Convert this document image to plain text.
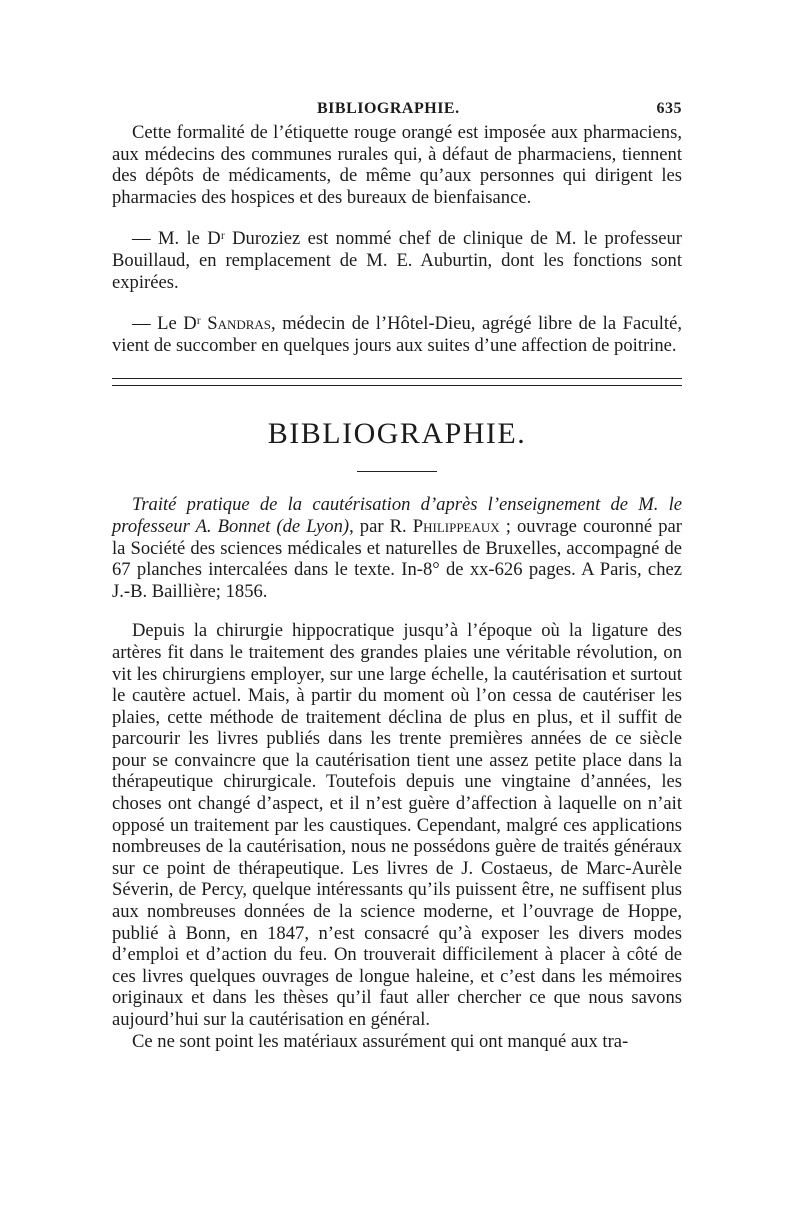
BIBLIOGRAPHIE.	635

Cette formalité de l’étiquette rouge orangé est imposée aux pharmaciens, aux médecins des communes rurales qui, à défaut de pharmaciens, tiennent des dépôts de médicaments, de même qu’aux personnes qui dirigent les pharmacies des hospices et des bureaux de bienfaisance.

— M. le Dʳ Duroziez est nommé chef de clinique de M. le professeur Bouillaud, en remplacement de M. E. Auburtin, dont les fonctions sont expirées.

— Le Dʳ Sandras, médecin de l’Hôtel-Dieu, agrégé libre de la Faculté, vient de succomber en quelques jours aux suites d’une affection de poitrine.

BIBLIOGRAPHIE.

Traité pratique de la cautérisation d’après l’enseignement de M. le professeur A. Bonnet (de Lyon), par R. Philippeaux ; ouvrage couronné par la Société des sciences médicales et naturelles de Bruxelles, accompagné de 67 planches intercalées dans le texte. In-8° de xx-626 pages. A Paris, chez J.-B. Baillière; 1856.

Depuis la chirurgie hippocratique jusqu’à l’époque où la ligature des artères fit dans le traitement des grandes plaies une véritable révolution, on vit les chirurgiens employer, sur une large échelle, la cautérisation et surtout le cautère actuel. Mais, à partir du moment où l’on cessa de cautériser les plaies, cette méthode de traitement déclina de plus en plus, et il suffit de parcourir les livres publiés dans les trente premières années de ce siècle pour se convaincre que la cautérisation tient une assez petite place dans la thérapeutique chirurgicale. Toutefois depuis une vingtaine d’années, les choses ont changé d’aspect, et il n’est guère d’affection à laquelle on n’ait opposé un traitement par les caustiques. Cependant, malgré ces applications nombreuses de la cautérisation, nous ne possédons guère de traités généraux sur ce point de thérapeutique. Les livres de J. Costaeus, de Marc-Aurèle Séverin, de Percy, quelque intéressants qu’ils puissent être, ne suffisent plus aux nombreuses données de la science moderne, et l’ouvrage de Hoppe, publié à Bonn, en 1847, n’est consacré qu’à exposer les divers modes d’emploi et d’action du feu. On trouverait difficilement à placer à côté de ces livres quelques ouvrages de longue haleine, et c’est dans les mémoires originaux et dans les thèses qu’il faut aller chercher ce que nous savons aujourd’hui sur la cautérisation en général.

Ce ne sont point les matériaux assurément qui ont manqué aux tra-
